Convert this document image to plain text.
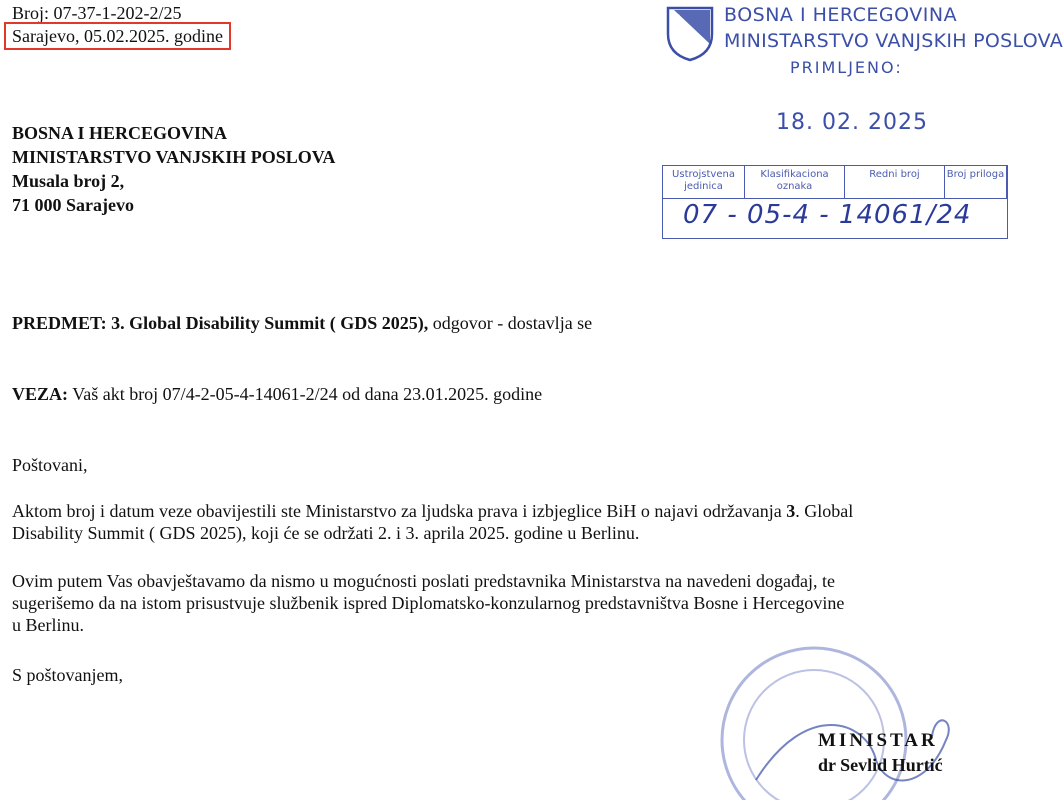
Broj: 07-37-1-202-2/25
Sarajevo, 05.02.2025. godine
BOSNA I HERCEGOVINA
MINISTARSTVO VANJSKIH POSLOVA
PRIMLJENO:
18. 02. 2025
Ustrojstvena jedinica
Klasifikaciona oznaka
Redni broj	Broj priloga
07 - 05-4 - 14061/24
BOSNA I HERCEGOVINA
MINISTARSTVO VANJSKIH POSLOVA
Musala broj 2,
71 000 Sarajevo
PREDMET: 3. Global Disability Summit ( GDS 2025), odgovor - dostavlja se
VEZA: Vaš akt broj 07/4-2-05-4-14061-2/24 od dana 23.01.2025. godine
Poštovani,
Aktom broj i datum veze obavijestili ste Ministarstvo za ljudska prava i izbjeglice BiH o najavi održavanja 3. Global
Disability Summit ( GDS 2025), koji će se održati 2. i 3. aprila 2025. godine u Berlinu.
Ovim putem Vas obavještavamo da nismo u mogućnosti poslati predstavnika Ministarstva na navedeni događaj, te
sugerišemo da na istom prisustvuje službenik ispred Diplomatsko-konzularnog predstavništva Bosne i Hercegovine
u Berlinu.
S poštovanjem,
MINISTAR
dr Sevlid Hurtić
